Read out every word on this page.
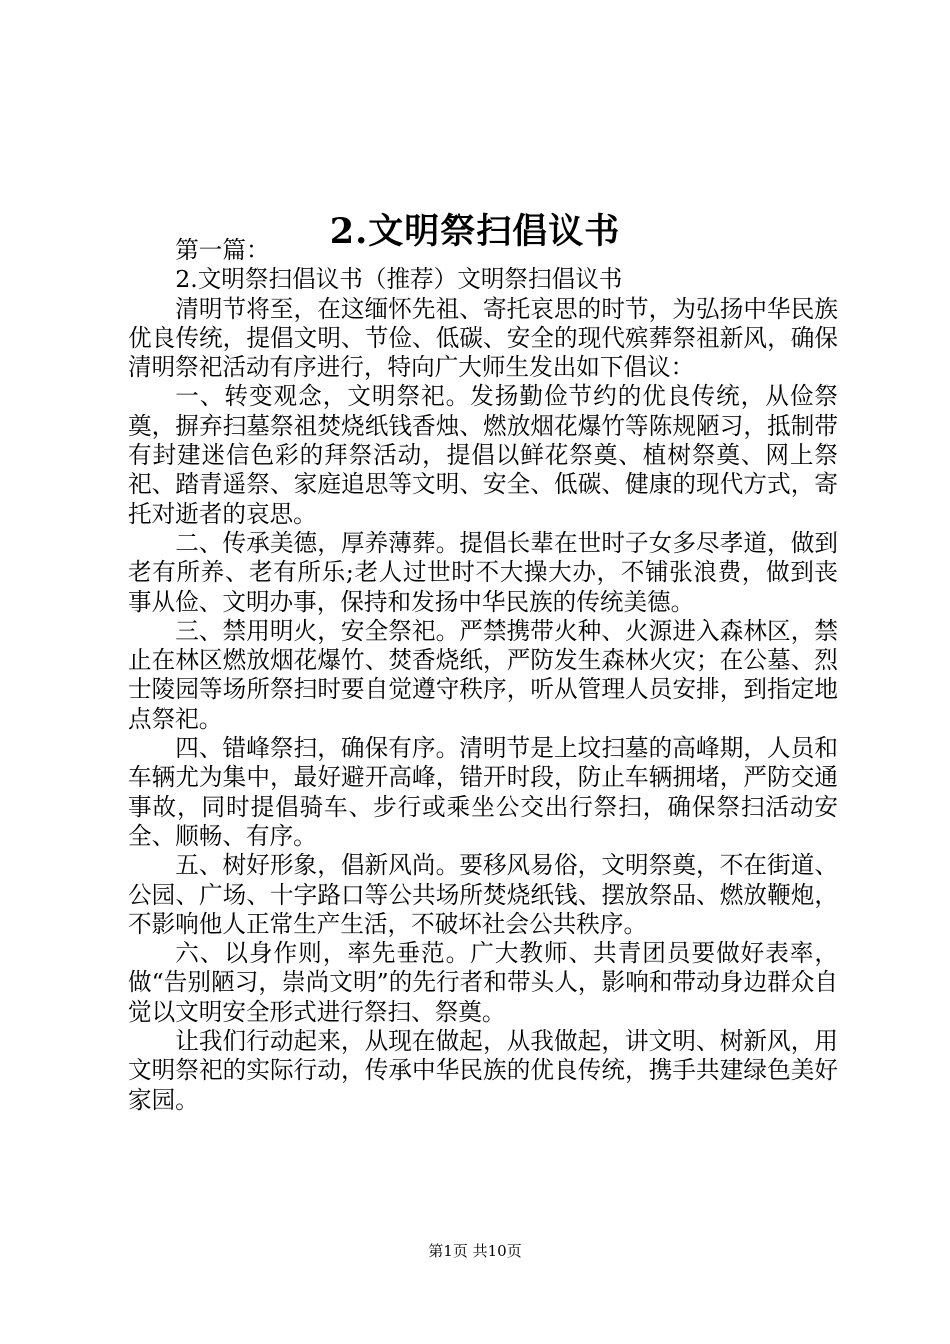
2.文明祭扫倡议书

第一篇：

2.文明祭扫倡议书（推荐）文明祭扫倡议书

清明节将至，在这缅怀先祖、寄托哀思的时节，为弘扬中华民族优良传统，提倡文明、节俭、低碳、安全的现代殡葬祭祖新风，确保清明祭祀活动有序进行，特向广大师生发出如下倡议：

一、转变观念，文明祭祀。发扬勤俭节约的优良传统，从俭祭奠，摒弃扫墓祭祖焚烧纸钱香烛、燃放烟花爆竹等陈规陋习，抵制带有封建迷信色彩的拜祭活动，提倡以鲜花祭奠、植树祭奠、网上祭祀、踏青遥祭、家庭追思等文明、安全、低碳、健康的现代方式，寄托对逝者的哀思。

二、传承美德，厚养薄葬。提倡长辈在世时子女多尽孝道，做到老有所养、老有所乐;老人过世时不大操大办，不铺张浪费，做到丧事从俭、文明办事，保持和发扬中华民族的传统美德。

三、禁用明火，安全祭祀。严禁携带火种、火源进入森林区，禁止在林区燃放烟花爆竹、焚香烧纸，严防发生森林火灾；在公墓、烈士陵园等场所祭扫时要自觉遵守秩序，听从管理人员安排，到指定地点祭祀。

四、错峰祭扫，确保有序。清明节是上坟扫墓的高峰期，人员和车辆尤为集中，最好避开高峰，错开时段，防止车辆拥堵，严防交通事故，同时提倡骑车、步行或乘坐公交出行祭扫，确保祭扫活动安全、顺畅、有序。

五、树好形象，倡新风尚。要移风易俗，文明祭奠，不在街道、公园、广场、十字路口等公共场所焚烧纸钱、摆放祭品、燃放鞭炮，不影响他人正常生产生活，不破坏社会公共秩序。

六、以身作则，率先垂范。广大教师、共青团员要做好表率，做“告别陋习，崇尚文明”的先行者和带头人，影响和带动身边群众自觉以文明安全形式进行祭扫、祭奠。

让我们行动起来，从现在做起，从我做起，讲文明、树新风，用文明祭祀的实际行动，传承中华民族的优良传统，携手共建绿色美好家园。

第1页 共10页
